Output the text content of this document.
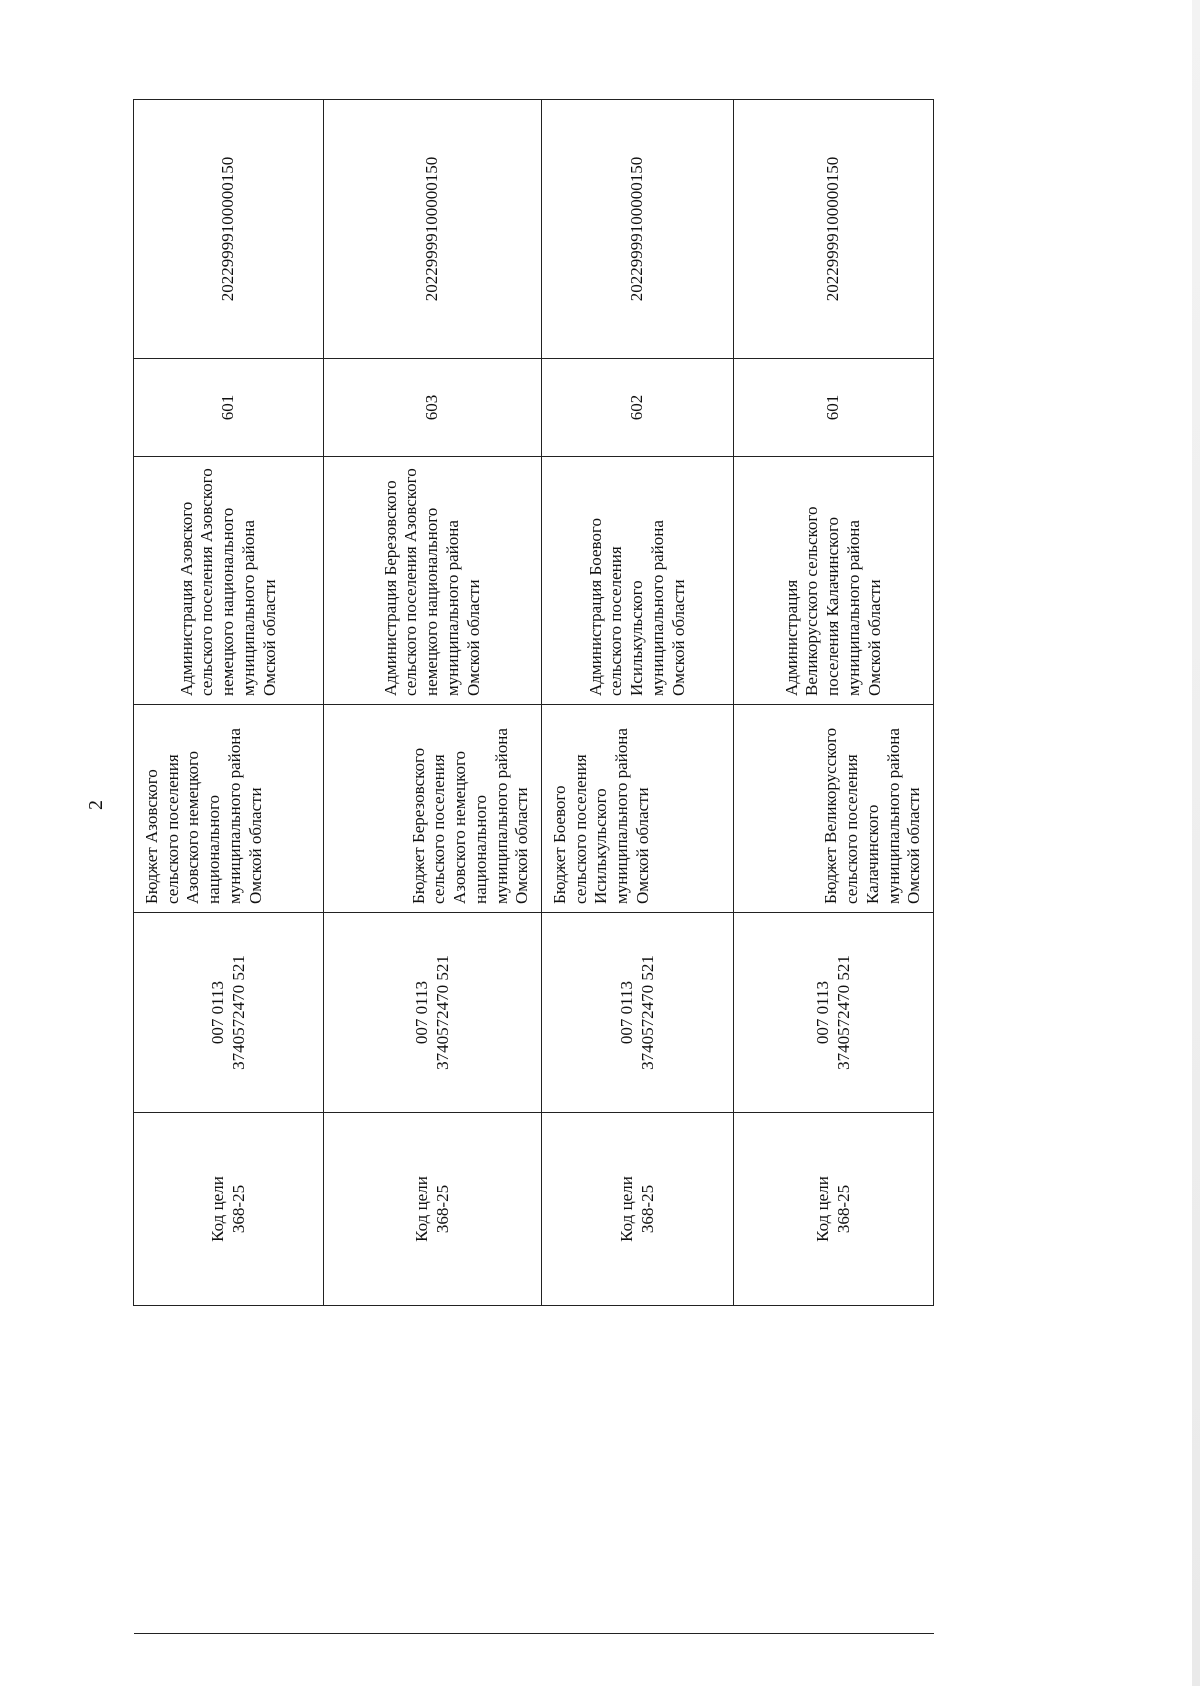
2
	Код цели 368-25	007 0113 3740572470 521	Бюджет Азовского сельского поселения Азовского немецкого национального муниципального района Омской области	Администрация Азовского сельского поселения Азовского немецкого национального муниципального района Омской области	601	20229999100000150
	Код цели 368-25	007 0113 3740572470 521	Бюджет Березовского сельского поселения Азовского немецкого национального муниципального района Омской области	Администрация Березовского сельского поселения Азовского немецкого национального муниципального района Омской области	603	20229999100000150
	Код цели 368-25	007 0113 3740572470 521	Бюджет Боевого сельского поселения Исилькульского муниципального района Омской области	Администрация Боевого сельского поселения Исилькульского муниципального района Омской области	602	20229999100000150
	Код цели 368-25	007 0113 3740572470 521	Бюджет Великорусского сельского поселения Калачинского муниципального района Омской области	Администрация Великорусского сельского поселения Калачинского муниципального района Омской области	601	20229999100000150
